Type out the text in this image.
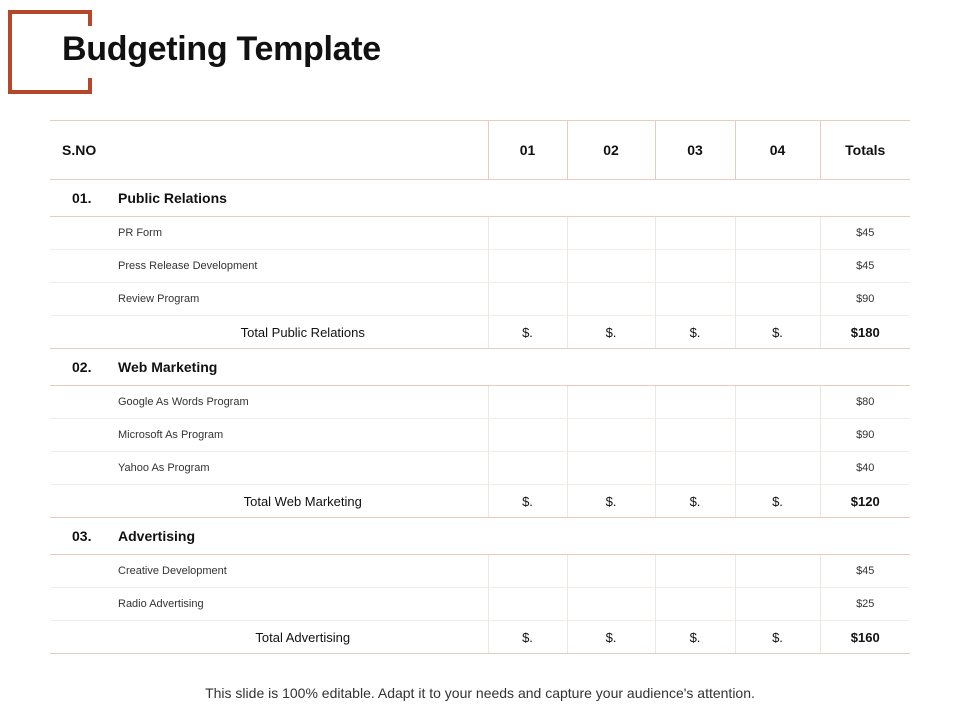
Budgeting Template
S.NO		01	02	03	04	Totals
01.	Public Relations					
	PR Form					$45
	Press Release Development					$45
	Review Program					$90
	Total Public Relations	$.	$.	$.	$.	$180
02.	Web Marketing					
	Google As Words Program					$80
	Microsoft As Program					$90
	Yahoo As Program					$40
	Total Web Marketing	$.	$.	$.	$.	$120
03.	Advertising					
	Creative Development					$45
	Radio Advertising					$25
	Total Advertising	$.	$.	$.	$.	$160
This slide is 100% editable. Adapt it to your needs and capture your audience's attention.
